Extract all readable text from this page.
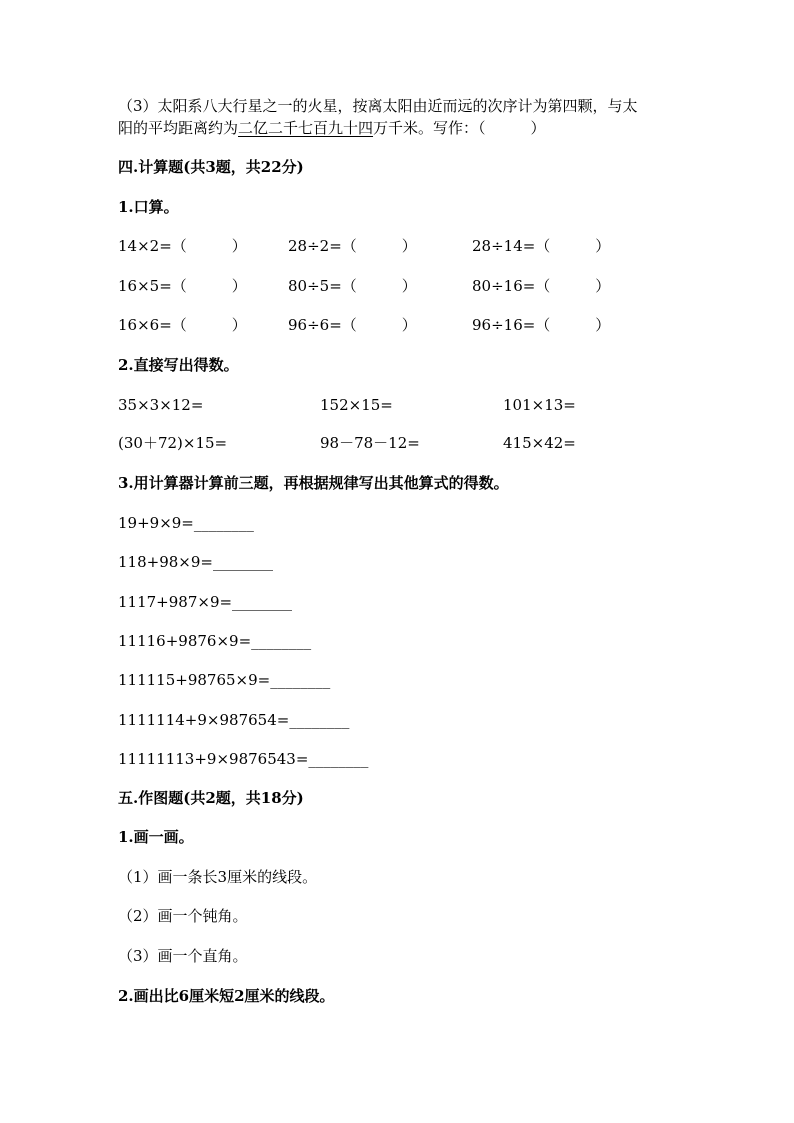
（3）太阳系八大行星之一的火星，按离太阳由近而远的次序计为第四颗，与太
阳的平均距离约为二亿二千七百九十四万千米。写作：（　　　）
四.计算题(共3题，共22分)
1.口算。
14×2=（　　　）	28÷2=（　　　）	28÷14=（　　　）
16×5=（　　　）	80÷5=（　　　）	80÷16=（　　　）
16×6=（　　　）	96÷6=（　　　）	96÷16=（　　　）
2.直接写出得数。
35×3×12=	152×15=	101×13=
(30＋72)×15=	98－78－12=	415×42=
3.用计算器计算前三题，再根据规律写出其他算式的得数。
19+9×9=________
118+98×9=________
1117+987×9=________
11116+9876×9=________
111115+98765×9=________
1111114+9×987654=________
11111113+9×9876543=________
五.作图题(共2题，共18分)
1.画一画。
（1）画一条长3厘米的线段。
（2）画一个钝角。
（3）画一个直角。
2.画出比6厘米短2厘米的线段。
